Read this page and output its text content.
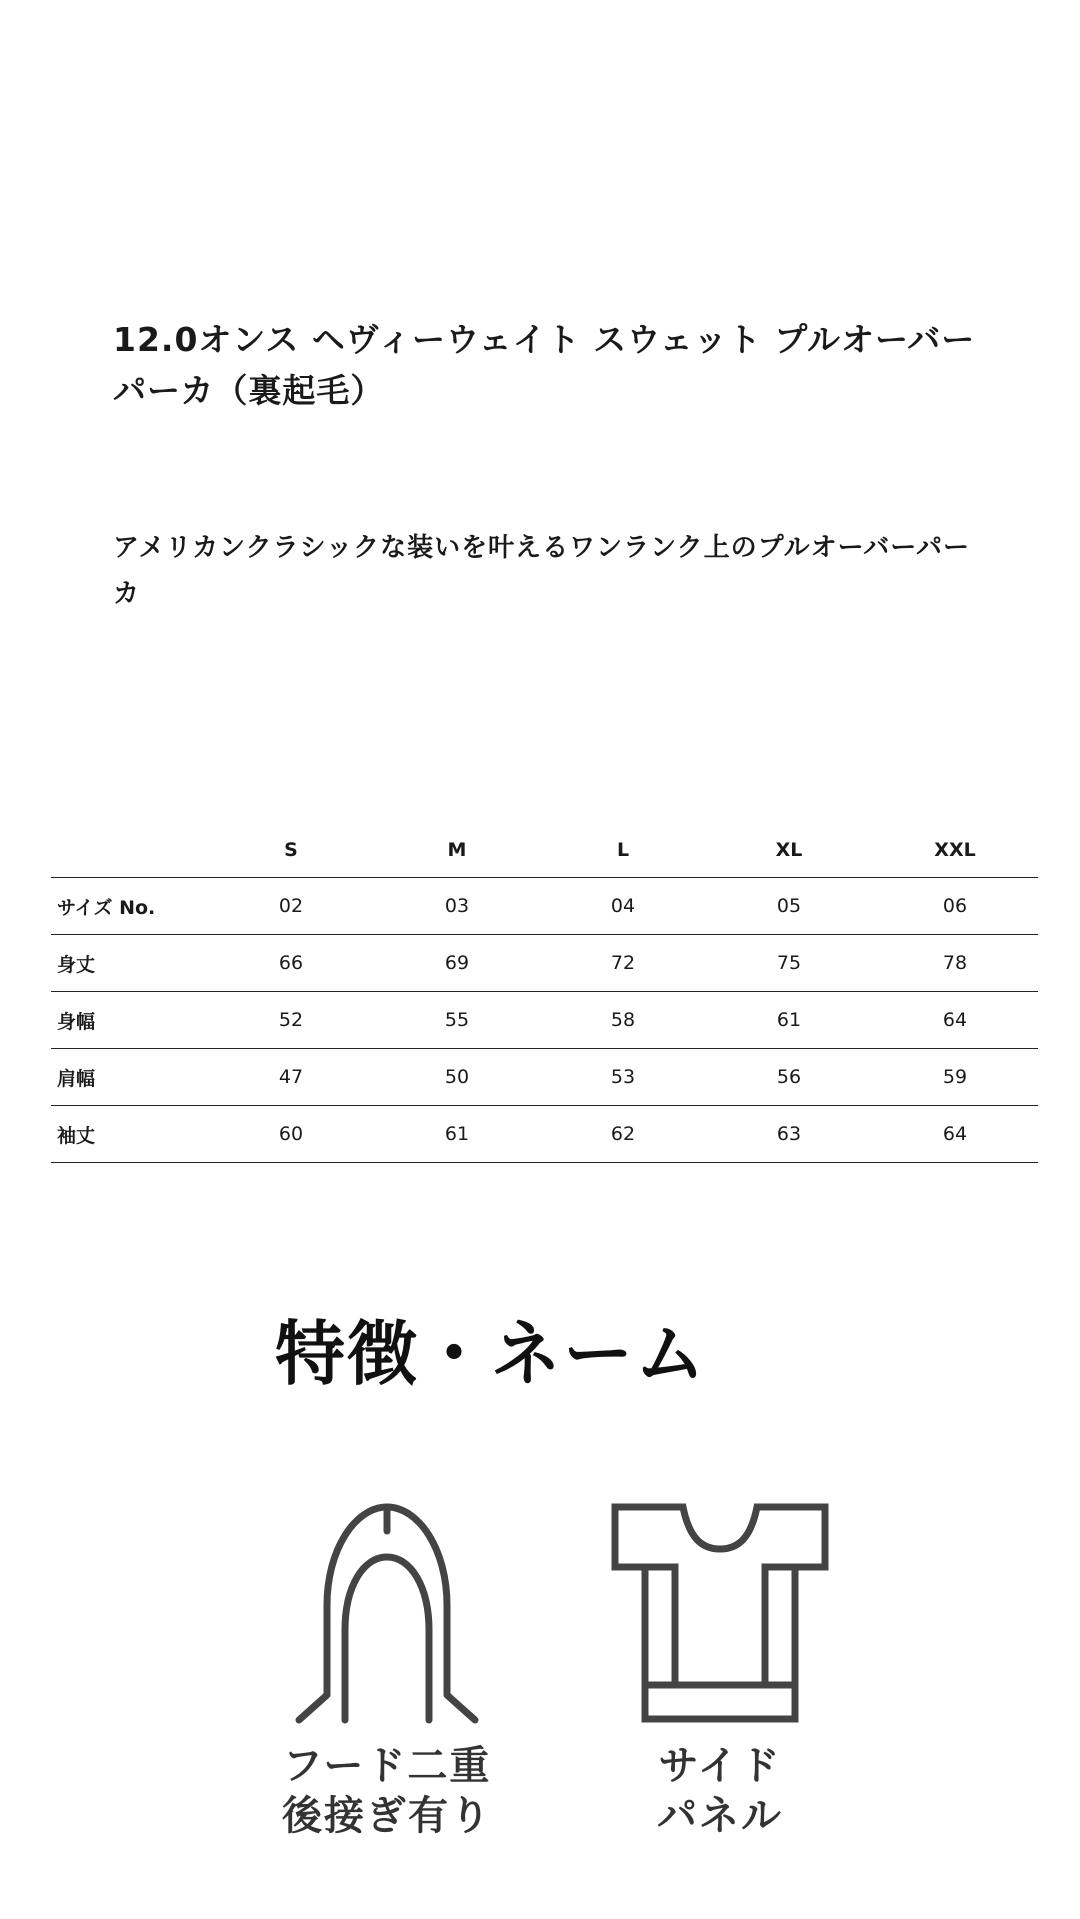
12.0オンス ヘヴィーウェイト スウェット プルオーバーパーカ（裏起毛）

アメリカンクラシックな装いを叶えるワンランク上のプルオーバーパーカ

	S	M	L	XL	XXL
サイズ No.	02	03	04	05	06
身丈	66	69	72	75	78
身幅	52	55	58	61	64
肩幅	47	50	53	56	59
袖丈	60	61	62	63	64
特徴・ネーム
フード二重
後接ぎ有り
サイド
パネル
